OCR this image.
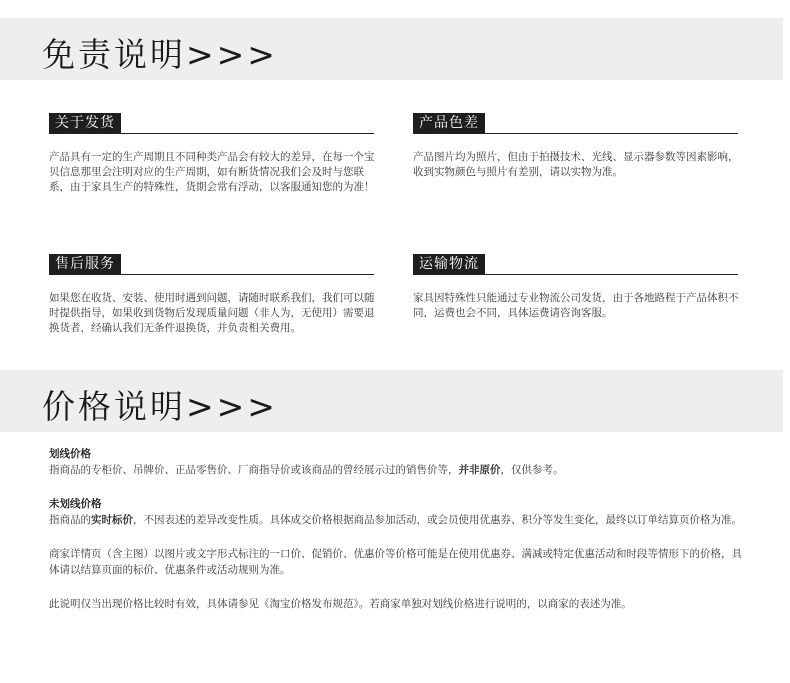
免责说明>>>
关于发货
产品具有一定的生产周期且不同种类产品会有较大的差异，在每一个宝贝信息那里会注明对应的生产周期，如有断货情况我们会及时与您联系，由于家具生产的特殊性，货期会常有浮动，以客服通知您的为准！
产品色差
产品图片均为照片，但由于拍摄技术、光线、显示器参数等因素影响，收到实物颜色与照片有差别，请以实物为准。
售后服务
如果您在收货、安装、使用时遇到问题，请随时联系我们，我们可以随时提供指导，如果收到货物后发现质量问题（非人为，无使用）需要退换货者，经确认我们无条件退换货，并负责相关费用。
运输物流
家具因特殊性只能通过专业物流公司发货，由于各地路程于产品体积不同，运费也会不同，具体运费请咨询客服。
价格说明>>>
划线价格
指商品的专柜价、吊牌价、正品零售价、厂商指导价或该商品的曾经展示过的销售价等，并非原价，仅供参考。
未划线价格
指商品的实时标价，不因表述的差异改变性质。具体成交价格根据商品参加活动，或会员使用优惠券、积分等发生变化，最终以订单结算页价格为准。
商家详情页（含主图）以图片或文字形式标注的一口价、促销价、优惠价等价格可能是在使用优惠券、满减或特定优惠活动和时段等情形下的价格，具体请以结算页面的标价、优惠条件或活动规则为准。
此说明仅当出现价格比较时有效，具体请参见《淘宝价格发布规范》。若商家单独对划线价格进行说明的，以商家的表述为准。
